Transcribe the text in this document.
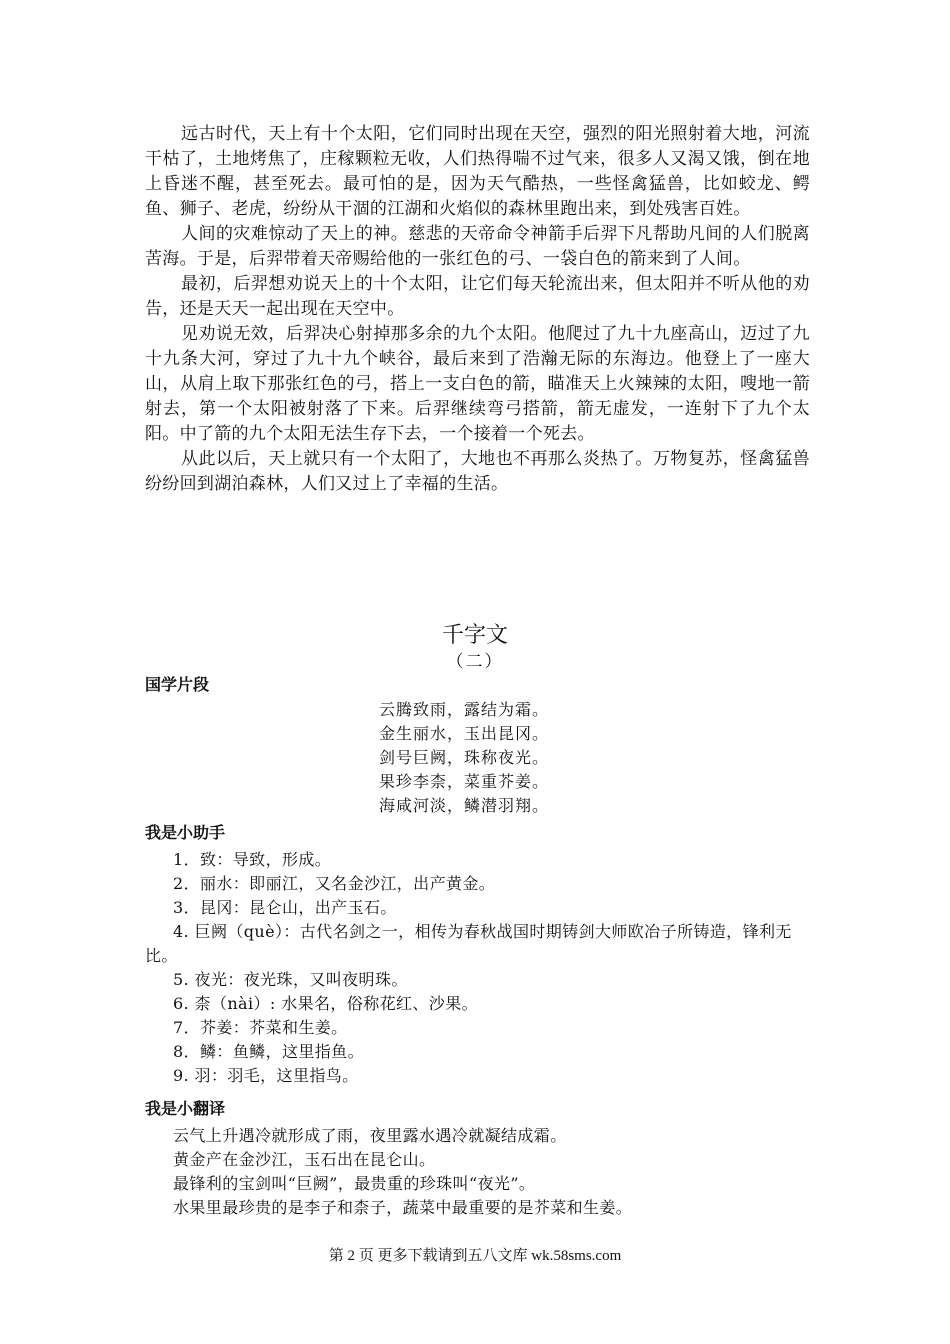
远古时代，天上有十个太阳，它们同时出现在天空，强烈的阳光照射着大地，河流干枯了，土地烤焦了，庄稼颗粒无收，人们热得喘不过气来，很多人又渴又饿，倒在地上昏迷不醒，甚至死去。最可怕的是，因为天气酷热，一些怪禽猛兽，比如蛟龙、鳄鱼、狮子、老虎，纷纷从干涸的江湖和火焰似的森林里跑出来，到处残害百姓。

人间的灾难惊动了天上的神。慈悲的天帝命令神箭手后羿下凡帮助凡间的人们脱离苦海。于是，后羿带着天帝赐给他的一张红色的弓、一袋白色的箭来到了人间。

最初，后羿想劝说天上的十个太阳，让它们每天轮流出来，但太阳并不听从他的劝告，还是天天一起出现在天空中。

见劝说无效，后羿决心射掉那多余的九个太阳。他爬过了九十九座高山，迈过了九十九条大河，穿过了九十九个峡谷，最后来到了浩瀚无际的东海边。他登上了一座大山，从肩上取下那张红色的弓，搭上一支白色的箭，瞄准天上火辣辣的太阳，嗖地一箭射去，第一个太阳被射落了下来。后羿继续弯弓搭箭，箭无虚发，一连射下了九个太阳。中了箭的九个太阳无法生存下去，一个接着一个死去。

从此以后，天上就只有一个太阳了，大地也不再那么炎热了。万物复苏，怪禽猛兽纷纷回到湖泊森林，人们又过上了幸福的生活。

千字文
（二）
国学片段
云腾致雨，露结为霜。
金生丽水，玉出昆冈。
剑号巨阙，珠称夜光。
果珍李柰，菜重芥姜。
海咸河淡，鳞潜羽翔。
我是小助手
1．致：导致，形成。
2．丽水：即丽江，又名金沙江，出产黄金。
3．昆冈：昆仑山，出产玉石。
4. 巨阙（què）：古代名剑之一，相传为春秋战国时期铸剑大师欧冶子所铸造，锋利无比。
5. 夜光：夜光珠，又叫夜明珠。
6. 柰（nài）: 水果名，俗称花红、沙果。
7．芥姜：芥菜和生姜。
8．鳞：鱼鳞，这里指鱼。
9. 羽：羽毛，这里指鸟。
我是小翻译
云气上升遇冷就形成了雨，夜里露水遇冷就凝结成霜。
黄金产在金沙江，玉石出在昆仑山。
最锋利的宝剑叫“巨阙”，最贵重的珍珠叫“夜光”。
水果里最珍贵的是李子和柰子，蔬菜中最重要的是芥菜和生姜。
第 2 页 更多下载请到五八文库 wk.58sms.com
